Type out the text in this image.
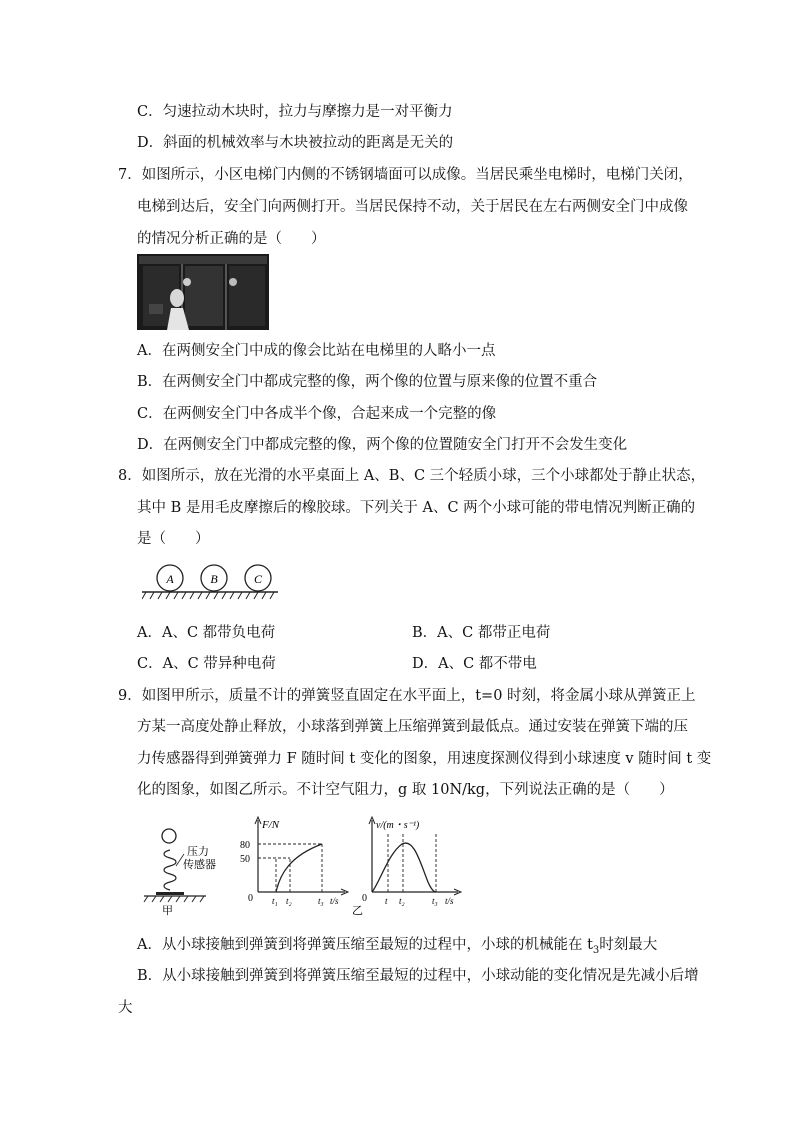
C．匀速拉动木块时，拉力与摩擦力是一对平衡力
D．斜面的机械效率与木块被拉动的距离是无关的
7．如图所示，小区电梯门内侧的不锈钢墙面可以成像。当居民乘坐电梯时，电梯门关闭，
电梯到达后，安全门向两侧打开。当居民保持不动，关于居民在左右两侧安全门中成像
的情况分析正确的是（　　）
A．在两侧安全门中成的像会比站在电梯里的人略小一点
B．在两侧安全门中都成完整的像，两个像的位置与原来像的位置不重合
C．在两侧安全门中各成半个像，合起来成一个完整的像
D．在两侧安全门中都成完整的像，两个像的位置随安全门打开不会发生变化
8．如图所示，放在光滑的水平桌面上 A、B、C 三个轻质小球，三个小球都处于静止状态，
其中 B 是用毛皮摩擦后的橡胶球。下列关于 A、C 两个小球可能的带电情况判断正确的
是（　　）
A	B	C
A．A、C 都带负电荷	B．A、C 都带正电荷
C．A、C 带异种电荷	D．A、C 都不带电
9．如图甲所示，质量不计的弹簧竖直固定在水平面上，t=0 时刻，将金属小球从弹簧正上
方某一高度处静止释放，小球落到弹簧上压缩弹簧到最低点。通过安装在弹簧下端的压
力传感器得到弹簧弹力 F 随时间 t 变化的图象，用速度探测仪得到小球速度 v 随时间 t 变
化的图象，如图乙所示。不计空气阻力，g 取 10N/kg，下列说法正确的是（　　）
压力
传感器
甲
F/N
80
50
0 t₁ t₂	t₃ t/s
乙
v/(m・s⁻¹)
0 t t₂	t₃ t/s
A．从小球接触到弹簧到将弹簧压缩至最短的过程中，小球的机械能在 $t_3$时刻最大
B．从小球接触到弹簧到将弹簧压缩至最短的过程中，小球动能的变化情况是先减小后增
大
